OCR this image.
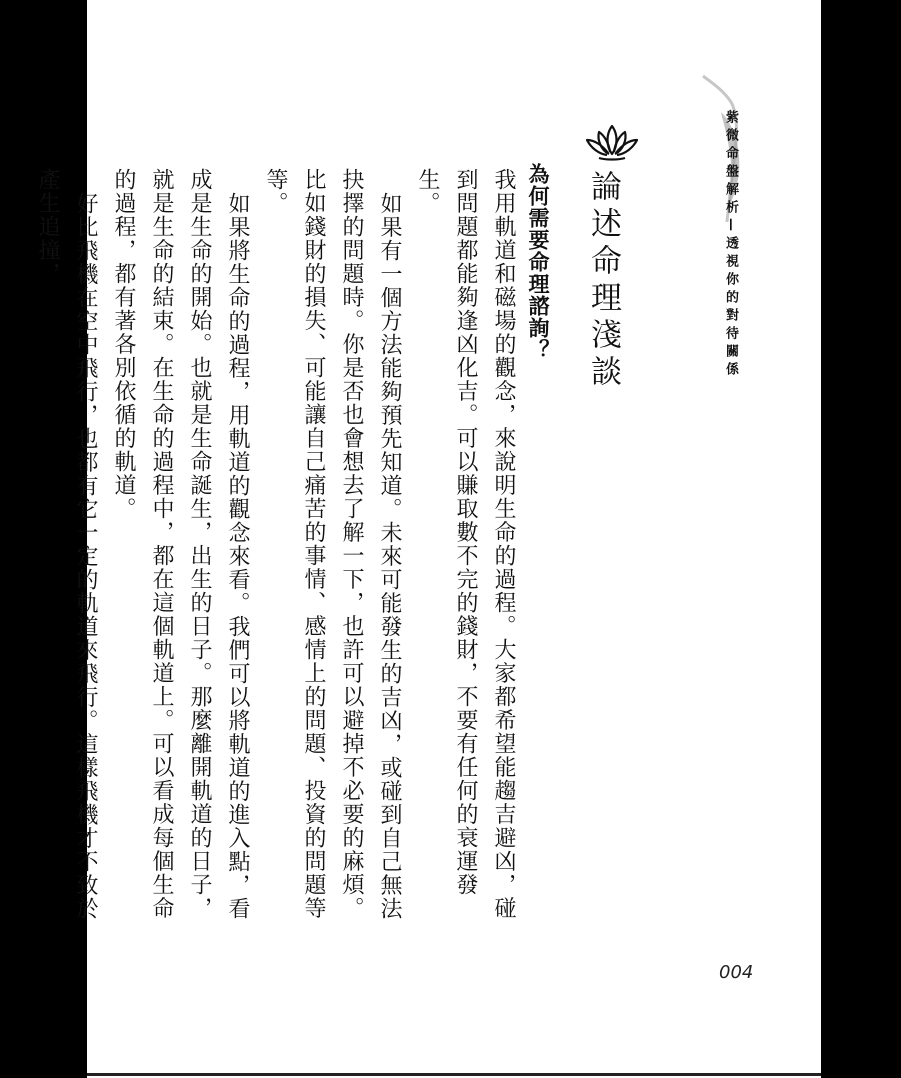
紫微命盤解析—透視你的對待關係
論述命理淺談
為何需要命理諮詢？

我用軌道和磁場的觀念，來說明生命的過程。大家都希望能趨吉避凶，碰到問題都能夠逢凶化吉。可以賺取數不完的錢財，不要有任何的衰運發生。

如果有一個方法能夠預先知道。未來可能發生的吉凶，或碰到自己無法抉擇的問題時。你是否也會想去了解一下，也許可以避掉不必要的麻煩。比如錢財的損失、可能讓自己痛苦的事情、感情上的問題、投資的問題等等。

如果將生命的過程，用軌道的觀念來看。我們可以將軌道的進入點，看成是生命的開始。也就是生命誕生，出生的日子。那麼離開軌道的日子，就是生命的結束。在生命的過程中，都在這個軌道上。可以看成每個生命的過程，都有著各別依循的軌道。

好比飛機在空中飛行，也都有它一定的軌道來飛行。這樣飛機才不致於產生追撞，

004
